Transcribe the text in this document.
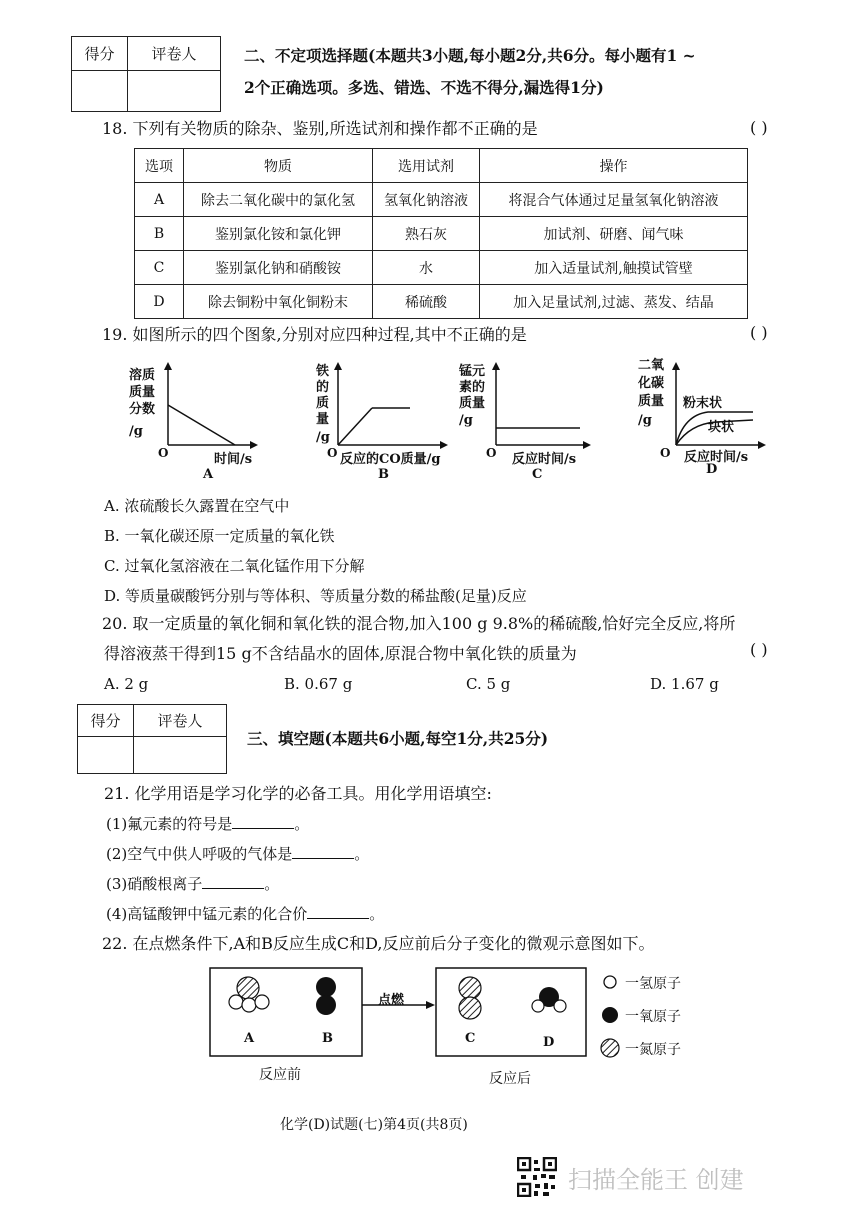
得分	评卷人
		二、不定项选择题(本题共3小题,每小题2分,共6分。每小题有1 ~
2个正确选项。多选、错选、不选不得分,漏选得1分)
18. 下列有关物质的除杂、鉴别,所选试剂和操作都不正确的是	( )
选项	物质	选用试剂	操作
A	除去二氧化碳中的氯化氢	氢氧化钠溶液	将混合气体通过足量氢氧化钠溶液
B	鉴别氯化铵和氯化钾	熟石灰	加试剂、研磨、闻气味
C	鉴别氯化钠和硝酸铵	水	加入适量试剂,触摸试管壁
D	除去铜粉中氧化铜粉末	稀硫酸	加入足量试剂,过滤、蒸发、结晶
19. 如图所示的四个图象,分别对应四种过程,其中不正确的是	( )
溶质
质量
分数
/g
O	时间/s
A
铁
的
质
量
/g
O 反应的CO质量/g
B
锰元
素的
质量
/g
O 反应时间/s
C
二氧
化碳
质量
/g
粉末状
块状
O 反应时间/s
D
A. 浓硫酸长久露置在空气中
B. 一氧化碳还原一定质量的氧化铁
C. 过氧化氢溶液在二氧化锰作用下分解
D. 等质量碳酸钙分别与等体积、等质量分数的稀盐酸(足量)反应
20. 取一定质量的氧化铜和氧化铁的混合物,加入100 g 9.8%的稀硫酸,恰好完全反应,将所
得溶液蒸干得到15 g不含结晶水的固体,原混合物中氧化铁的质量为	( )
A. 2 g	B. 0.67 g	C. 5 g	D. 1.67 g
得分	评卷人

三、填空题(本题共6小题,每空1分,共25分)
21. 化学用语是学习化学的必备工具。用化学用语填空:
(1)氟元素的符号是	。
(2)空气中供人呼吸的气体是	。
(3)硝酸根离子	。
(4)高锰酸钾中锰元素的化合价	。
22. 在点燃条件下,A和B反应生成C和D,反应前后分子变化的微观示意图如下。
点燃
A	B	C	D
反应前	反应后
一氢原子
一氧原子
一氮原子
化学(D)试题(七)第4页(共8页)
扫描全能王 创建
